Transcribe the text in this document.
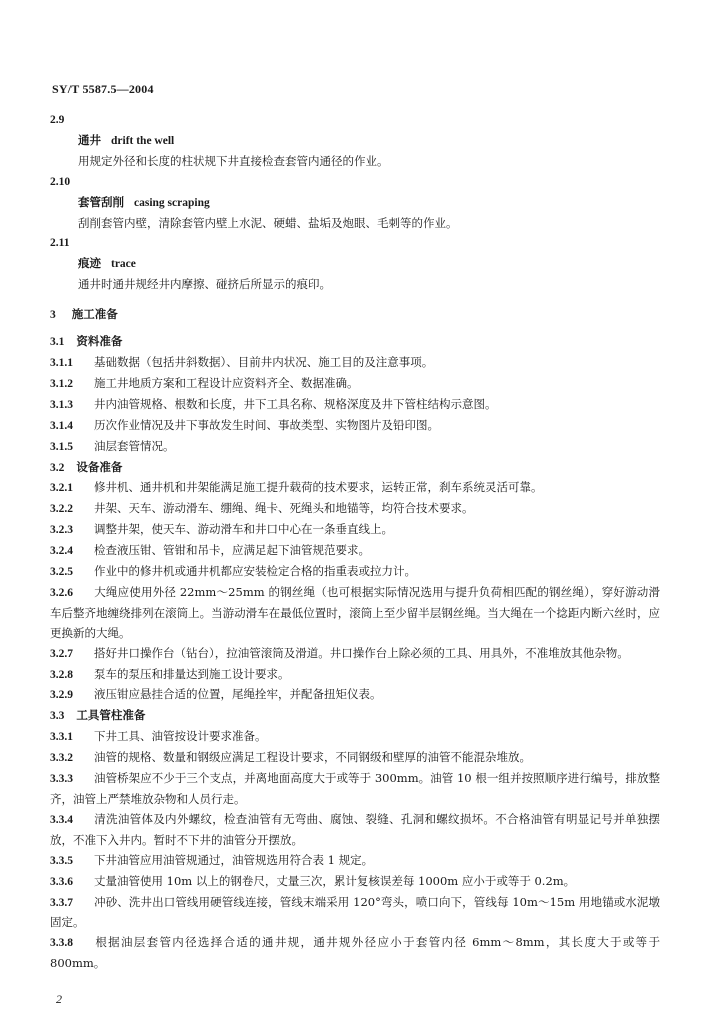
SY/T 5587.5—2004
2.9
通井 drift the well
用规定外径和长度的柱状规下井直接检查套管内通径的作业。
2.10
套管刮削 casing scraping
刮削套管内壁，清除套管内壁上水泥、硬蜡、盐垢及炮眼、毛刺等的作业。
2.11
痕迹 trace
通井时通井规经井内摩擦、碰挤后所显示的痕印。
3 施工准备
3.1 资料准备
3.1.1 基础数据（包括井斜数据）、目前井内状况、施工目的及注意事项。
3.1.2 施工井地质方案和工程设计应资料齐全、数据准确。
3.1.3 井内油管规格、根数和长度，井下工具名称、规格深度及井下管柱结构示意图。
3.1.4 历次作业情况及井下事故发生时间、事故类型、实物图片及铅印图。
3.1.5 油层套管情况。
3.2 设备准备
3.2.1 修井机、通井机和井架能满足施工提升载荷的技术要求，运转正常，刹车系统灵活可靠。
3.2.2 井架、天车、游动滑车、绷绳、绳卡、死绳头和地锚等，均符合技术要求。
3.2.3 调整井架，使天车、游动滑车和井口中心在一条垂直线上。
3.2.4 检查液压钳、管钳和吊卡，应满足起下油管规范要求。
3.2.5 作业中的修井机或通井机都应安装检定合格的指重表或拉力计。
3.2.6 大绳应使用外径 22mm～25mm 的钢丝绳（也可根据实际情况选用与提升负荷相匹配的钢丝绳），穿好游动滑车后整齐地缠绕排列在滚筒上。当游动滑车在最低位置时，滚筒上至少留半层钢丝绳。当大绳在一个捻距内断六丝时，应更换新的大绳。
3.2.7 搭好井口操作台（钻台），拉油管滚筒及滑道。井口操作台上除必须的工具、用具外，不准堆放其他杂物。
3.2.8 泵车的泵压和排量达到施工设计要求。
3.2.9 液压钳应悬挂合适的位置，尾绳拴牢，并配备扭矩仪表。
3.3 工具管柱准备
3.3.1 下井工具、油管按设计要求准备。
3.3.2 油管的规格、数量和钢级应满足工程设计要求，不同钢级和壁厚的油管不能混杂堆放。
3.3.3 油管桥架应不少于三个支点，并离地面高度大于或等于 300mm。油管 10 根一组并按照顺序进行编号，排放整齐，油管上严禁堆放杂物和人员行走。
3.3.4 清洗油管体及内外螺纹，检查油管有无弯曲、腐蚀、裂缝、孔洞和螺纹损坏。不合格油管有明显记号并单独摆放，不准下入井内。暂时不下井的油管分开摆放。
3.3.5 下井油管应用油管规通过，油管规选用符合表 1 规定。
3.3.6 丈量油管使用 10m 以上的钢卷尺，丈量三次，累计复核误差每 1000m 应小于或等于 0.2m。
3.3.7 冲砂、洗井出口管线用硬管线连接，管线末端采用 120°弯头，喷口向下，管线每 10m～15m 用地锚或水泥墩固定。
3.3.8 根据油层套管内径选择合适的通井规，通井规外径应小于套管内径 6mm～8mm，其长度大于或等于 800mm。
2
